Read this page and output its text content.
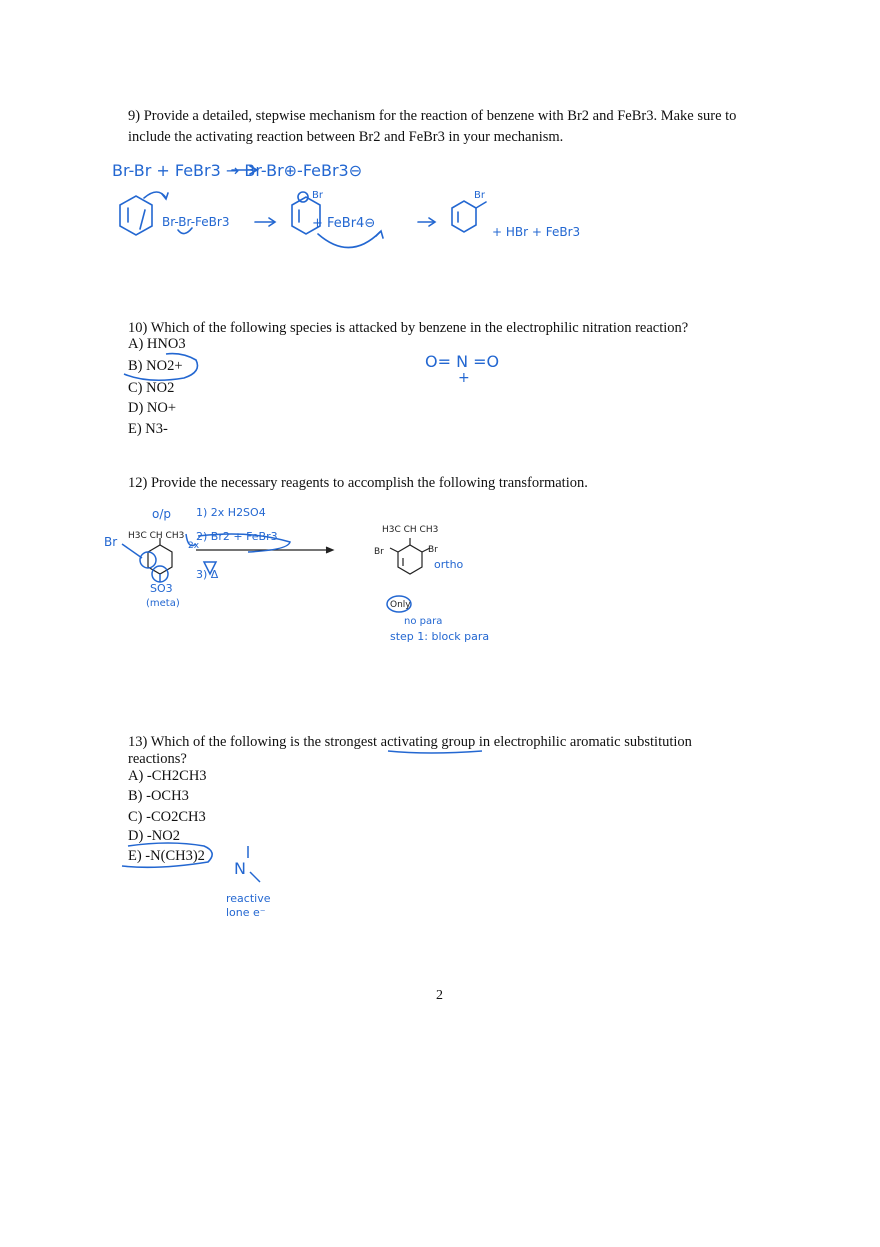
9) Provide a detailed, stepwise mechanism for the reaction of benzene with Br2 and FeBr3. Make sure to
include the activating reaction between Br2 and FeBr3 in your mechanism.
Br-Br + FeBr3 → Br-Br⊕-FeBr3⊖
Br-Br-FeBr3	+ FeBr4⊖
Br	Br
+ HBr + FeBr3
10) Which of the following species is attacked by benzene in the electrophilic nitration reaction?
A) HNO3
B) NO2+
C) NO2
D) NO+
E) N3-
O= N =O
+
12) Provide the necessary reagents to accomplish the following transformation.
H3C CH CH3
H3C CH CH3
Br	Br
o/p 1) 2x H2SO4
2) Br2 + FeBr3
2x
3) Δ
SO3
(meta)
Br
ortho
Only
no para
step 1: block para
13) Which of the following is the strongest activating group in electrophilic aromatic substitution
reactions?
A) -CH2CH3
B) -OCH3
C) -CO2CH3
D) -NO2
E) -N(CH3)2
N
reactive
lone e⁻
2
